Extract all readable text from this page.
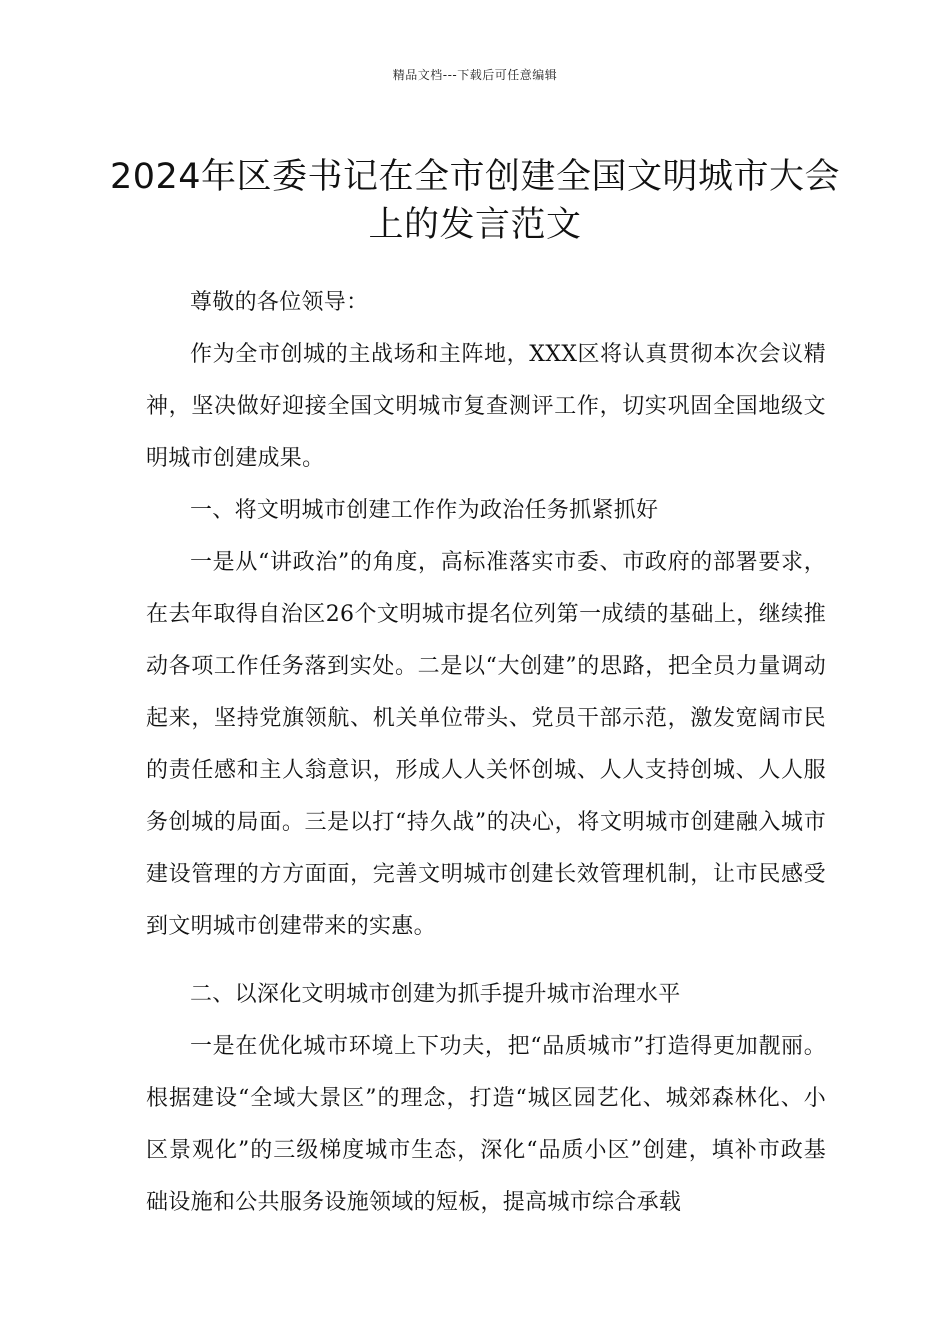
精品文档---下载后可任意编辑
2024年区委书记在全市创建全国文明城市大会上的发言范文

尊敬的各位领导：

作为全市创城的主战场和主阵地，XXX区将认真贯彻本次会议精神，坚决做好迎接全国文明城市复查测评工作，切实巩固全国地级文明城市创建成果。

一、将文明城市创建工作作为政治任务抓紧抓好

一是从“讲政治”的角度，高标准落实市委、市政府的部署要求，在去年取得自治区26个文明城市提名位列第一成绩的基础上，继续推动各项工作任务落到实处。二是以“大创建”的思路，把全员力量调动起来，坚持党旗领航、机关单位带头、党员干部示范，激发宽阔市民的责任感和主人翁意识，形成人人关怀创城、人人支持创城、人人服务创城的局面。三是以打“持久战”的决心，将文明城市创建融入城市建设管理的方方面面，完善文明城市创建长效管理机制，让市民感受到文明城市创建带来的实惠。

二、以深化文明城市创建为抓手提升城市治理水平

一是在优化城市环境上下功夫，把“品质城市”打造得更加靓丽。根据建设“全域大景区”的理念，打造“城区园艺化、城郊森林化、小区景观化”的三级梯度城市生态，深化“品质小区”创建，填补市政基础设施和公共服务设施领域的短板，提高城市综合承载
